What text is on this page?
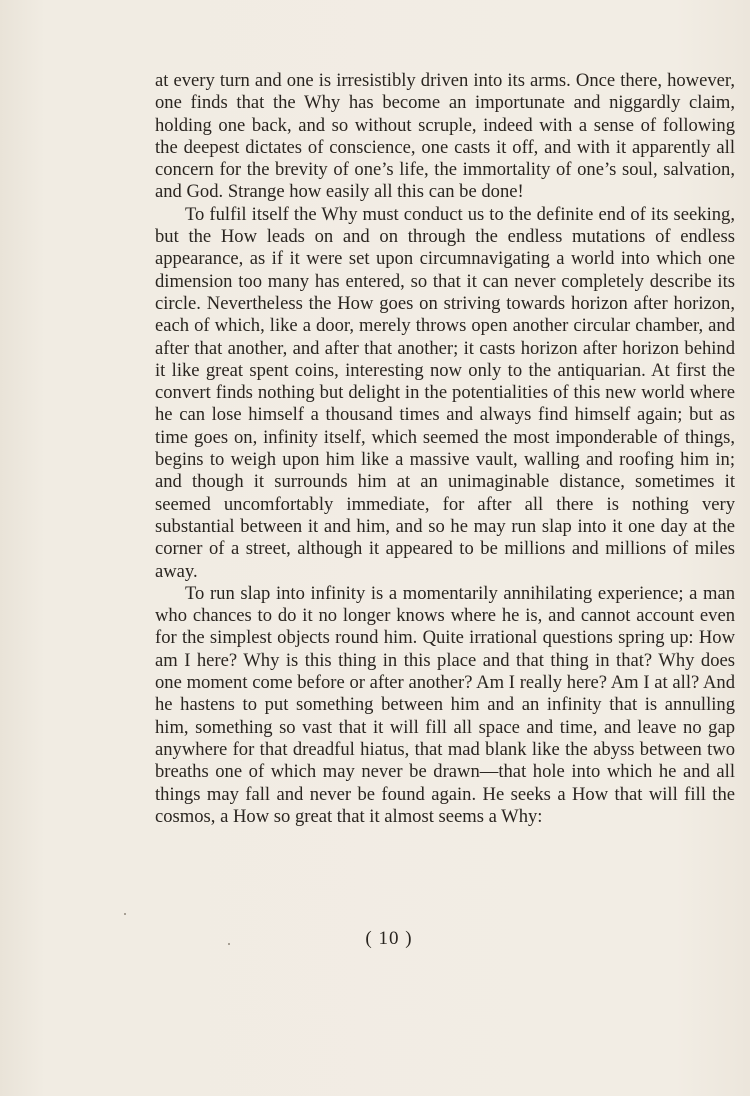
at every turn and one is irresistibly driven into its arms. Once there, however, one finds that the Why has become an importunate and niggardly claim, holding one back, and so without scruple, indeed with a sense of following the deepest dictates of conscience, one casts it off, and with it apparently all concern for the brevity of one’s life, the immortality of one’s soul, salvation, and God. Strange how easily all this can be done!

To fulfil itself the Why must conduct us to the definite end of its seeking, but the How leads on and on through the endless mutations of endless appearance, as if it were set upon circumnavigating a world into which one dimension too many has entered, so that it can never completely describe its circle. Nevertheless the How goes on striving towards horizon after horizon, each of which, like a door, merely throws open another circular chamber, and after that another, and after that another; it casts horizon after horizon behind it like great spent coins, interesting now only to the antiquarian. At first the convert finds nothing but delight in the potentialities of this new world where he can lose himself a thousand times and always find himself again; but as time goes on, infinity itself, which seemed the most imponderable of things, begins to weigh upon him like a massive vault, walling and roofing him in; and though it surrounds him at an unimaginable distance, sometimes it seemed uncomfortably immediate, for after all there is nothing very substantial between it and him, and so he may run slap into it one day at the corner of a street, although it appeared to be millions and millions of miles away.

To run slap into infinity is a momentarily annihilating experience; a man who chances to do it no longer knows where he is, and cannot account even for the simplest objects round him. Quite irrational questions spring up: How am I here? Why is this thing in this place and that thing in that? Why does one moment come before or after another? Am I really here? Am I at all? And he hastens to put something between him and an infinity that is annulling him, something so vast that it will fill all space and time, and leave no gap anywhere for that dreadful hiatus, that mad blank like the abyss between two breaths one of which may never be drawn—that hole into which he and all things may fall and never be found again. He seeks a How that will fill the cosmos, a How so great that it almost seems a Why:

( 10 )
